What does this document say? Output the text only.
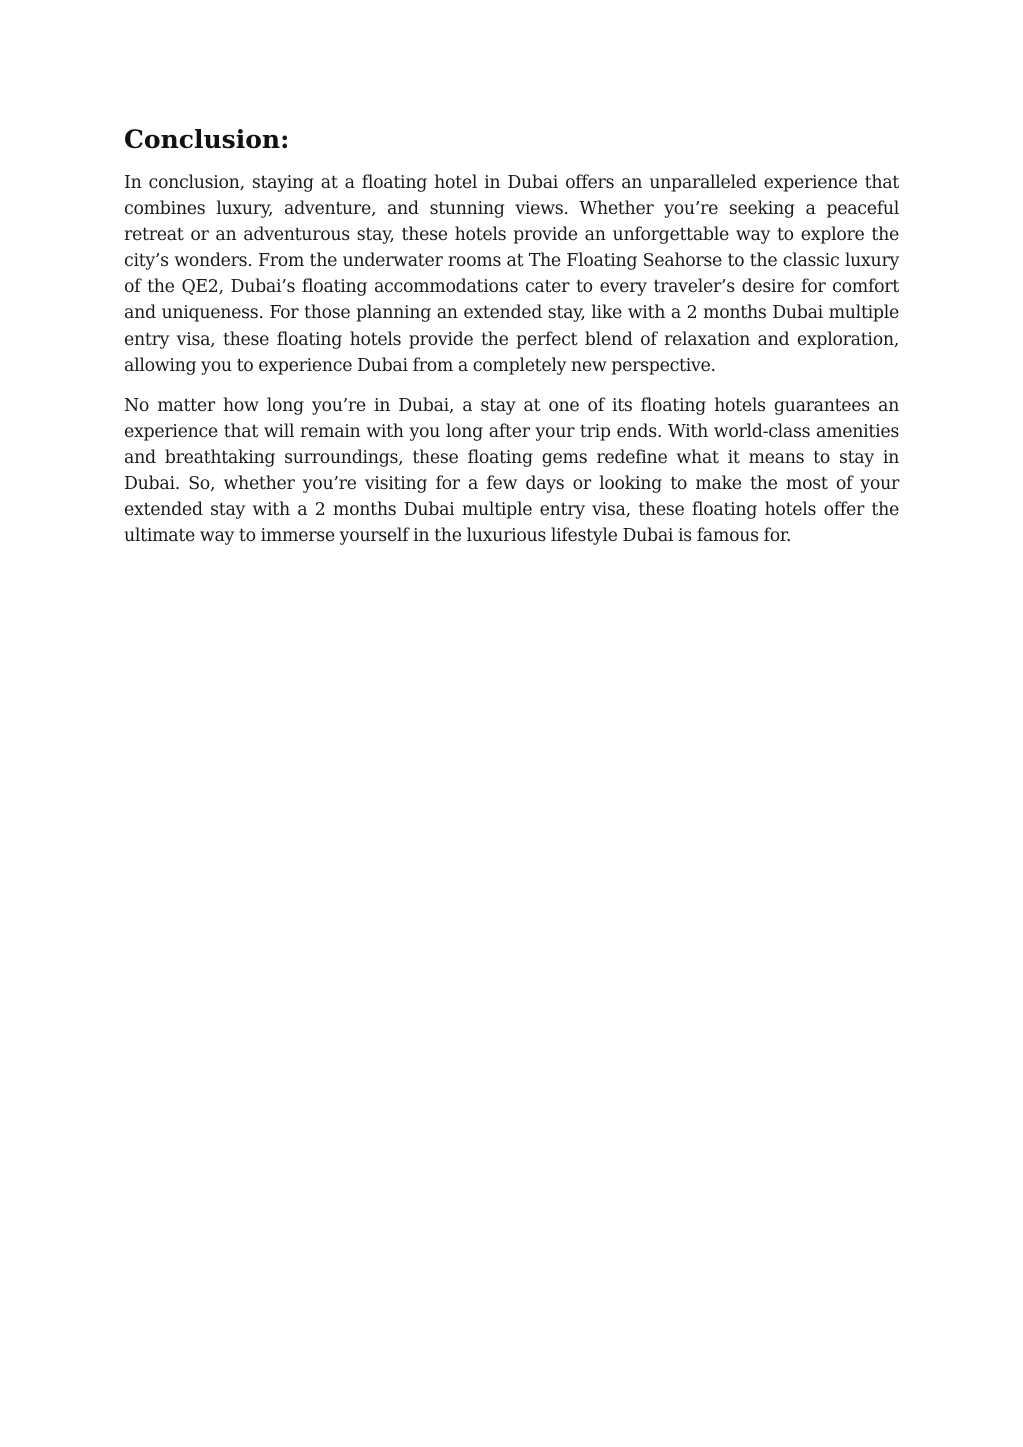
Conclusion:

In conclusion, staying at a floating hotel in Dubai offers an unparalleled experience that combines luxury, adventure, and stunning views. Whether you’re seeking a peaceful retreat or an adventurous stay, these hotels provide an unforgettable way to explore the city’s wonders. From the underwater rooms at The Floating Seahorse to the classic luxury of the QE2, Dubai’s floating accommodations cater to every traveler’s desire for comfort and uniqueness. For those planning an extended stay, like with a 2 months Dubai multiple entry visa, these floating hotels provide the perfect blend of relaxation and exploration, allowing you to experience Dubai from a completely new perspective.

No matter how long you’re in Dubai, a stay at one of its floating hotels guarantees an experience that will remain with you long after your trip ends. With world-class amenities and breathtaking surroundings, these floating gems redefine what it means to stay in Dubai. So, whether you’re visiting for a few days or looking to make the most of your extended stay with a 2 months Dubai multiple entry visa, these floating hotels offer the ultimate way to immerse yourself in the luxurious lifestyle Dubai is famous for.
